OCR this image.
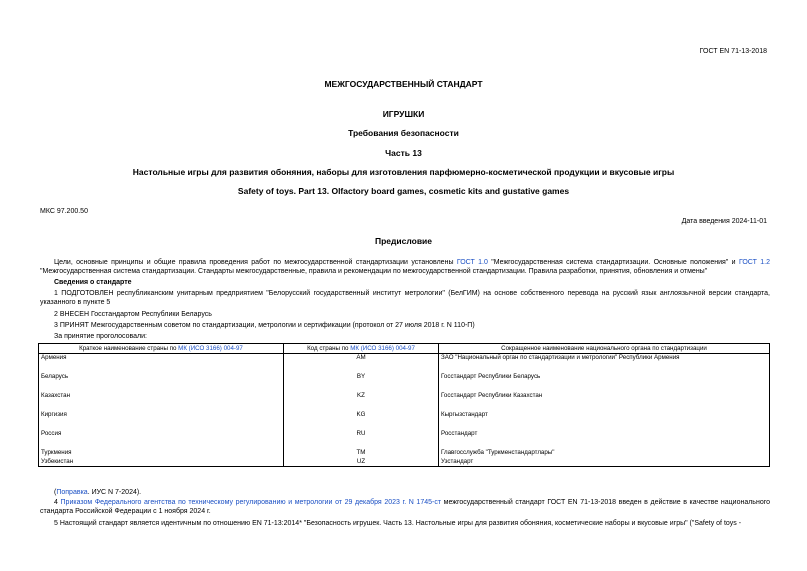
ГОСТ EN 71-13-2018
МЕЖГОСУДАРСТВЕННЫЙ СТАНДАРТ
ИГРУШКИ
Требования безопасности
Часть 13
Настольные игры для развития обоняния, наборы для изготовления парфюмерно-косметической продукции и вкусовые игры
Safety of toys. Part 13. Olfactory board games, cosmetic kits and gustative games
МКС 97.200.50
Дата введения 2024-11-01
Предисловие
Цели, основные принципы и общие правила проведения работ по межгосударственной стандартизации установлены ГОСТ 1.0 "Межгосударственная система стандартизации. Основные положения" и ГОСТ 1.2 "Межгосударственная система стандартизации. Стандарты межгосударственные, правила и рекомендации по межгосударственной стандартизации. Правила разработки, принятия, обновления и отмены"
Сведения о стандарте
1 ПОДГОТОВЛЕН республиканским унитарным предприятием "Белорусский государственный институт метрологии" (БелГИМ) на основе собственного перевода на русский язык англоязычной версии стандарта, указанного в пункте 5
2 ВНЕСЕН Госстандартом Республики Беларусь
3 ПРИНЯТ Межгосударственным советом по стандартизации, метрологии и сертификации (протокол от 27 июля 2018 г. N 110-П)
За принятие проголосовали:
Краткое наименование страны по МК (ИСО 3166) 004-97	Код страны по МК (ИСО 3166) 004-97	Сокращенное наименование национального органа по стандартизации
Армения	AM	ЗАО "Национальный орган по стандартизации и метрологии" Республики Армения
Беларусь	BY	Госстандарт Республики Беларусь
Казахстан	KZ	Госстандарт Республики Казахстан
Киргизия	KG	Кыргызстандарт
Россия	RU	Росстандарт
Туркмения	TM	Главгосслужба "Туркменстандартлары"
Узбекистан	UZ	Узстандарт
(Поправка. ИУС N 7-2024).
4 Приказом Федерального агентства по техническому регулированию и метрологии от 29 декабря 2023 г. N 1745-ст межгосударственный стандарт ГОСТ EN 71-13-2018 введен в действие в качестве национального стандарта Российской Федерации с 1 ноября 2024 г.
5 Настоящий стандарт является идентичным по отношению EN 71-13:2014* "Безопасность игрушек. Часть 13. Настольные игры для развития обоняния, косметические наборы и вкусовые игры" ("Safety of toys -
